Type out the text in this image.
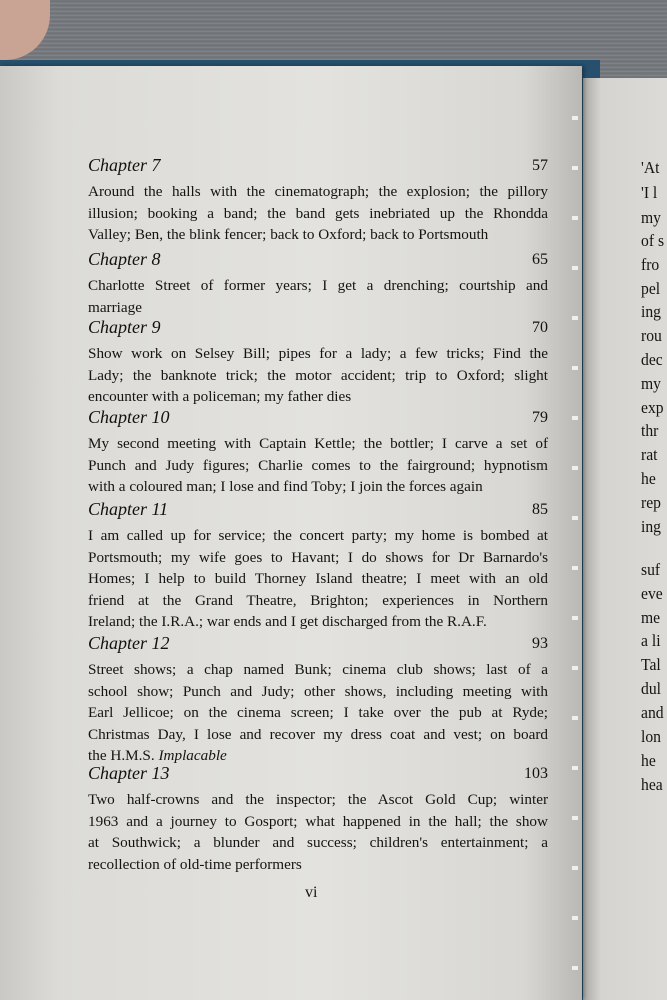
'At
'I l
my
of s
fro
pel
ing
rou
dec
my
exp
thr
rat
he
rep
ing
suf
eve
me
a li
Tal
dul
and
lon
he
hea
Chapter 7	57
Around the halls with the cinematograph; the explosion; the pillory
illusion; booking a band; the band gets inebriated up the Rhondda
Valley; Ben, the blink fencer; back to Oxford; back to Portsmouth
Chapter 8	65
Charlotte Street of former years; I get a drenching; courtship and
marriage
Chapter 9	70
Show work on Selsey Bill; pipes for a lady; a few tricks; Find the
Lady; the banknote trick; the motor accident; trip to Oxford; slight
encounter with a policeman; my father dies
Chapter 10	79
My second meeting with Captain Kettle; the bottler; I carve a set of
Punch and Judy figures; Charlie comes to the fairground; hypnotism
with a coloured man; I lose and find Toby; I join the forces again
Chapter 11	85
I am called up for service; the concert party; my home is bombed at
Portsmouth; my wife goes to Havant; I do shows for Dr Barnardo's
Homes; I help to build Thorney Island theatre; I meet with an old
friend at the Grand Theatre, Brighton; experiences in Northern
Ireland; the I.R.A.; war ends and I get discharged from the R.A.F.
Chapter 12	93
Street shows; a chap named Bunk; cinema club shows; last of a
school show; Punch and Judy; other shows, including meeting with
Earl Jellicoe; on the cinema screen; I take over the pub at Ryde;
Christmas Day, I lose and recover my dress coat and vest; on board
the H.M.S. Implacable
Chapter 13	103
Two half-crowns and the inspector; the Ascot Gold Cup; winter
1963 and a journey to Gosport; what happened in the hall; the show
at Southwick; a blunder and success; children's entertainment; a
recollection of old-time performers
vi
